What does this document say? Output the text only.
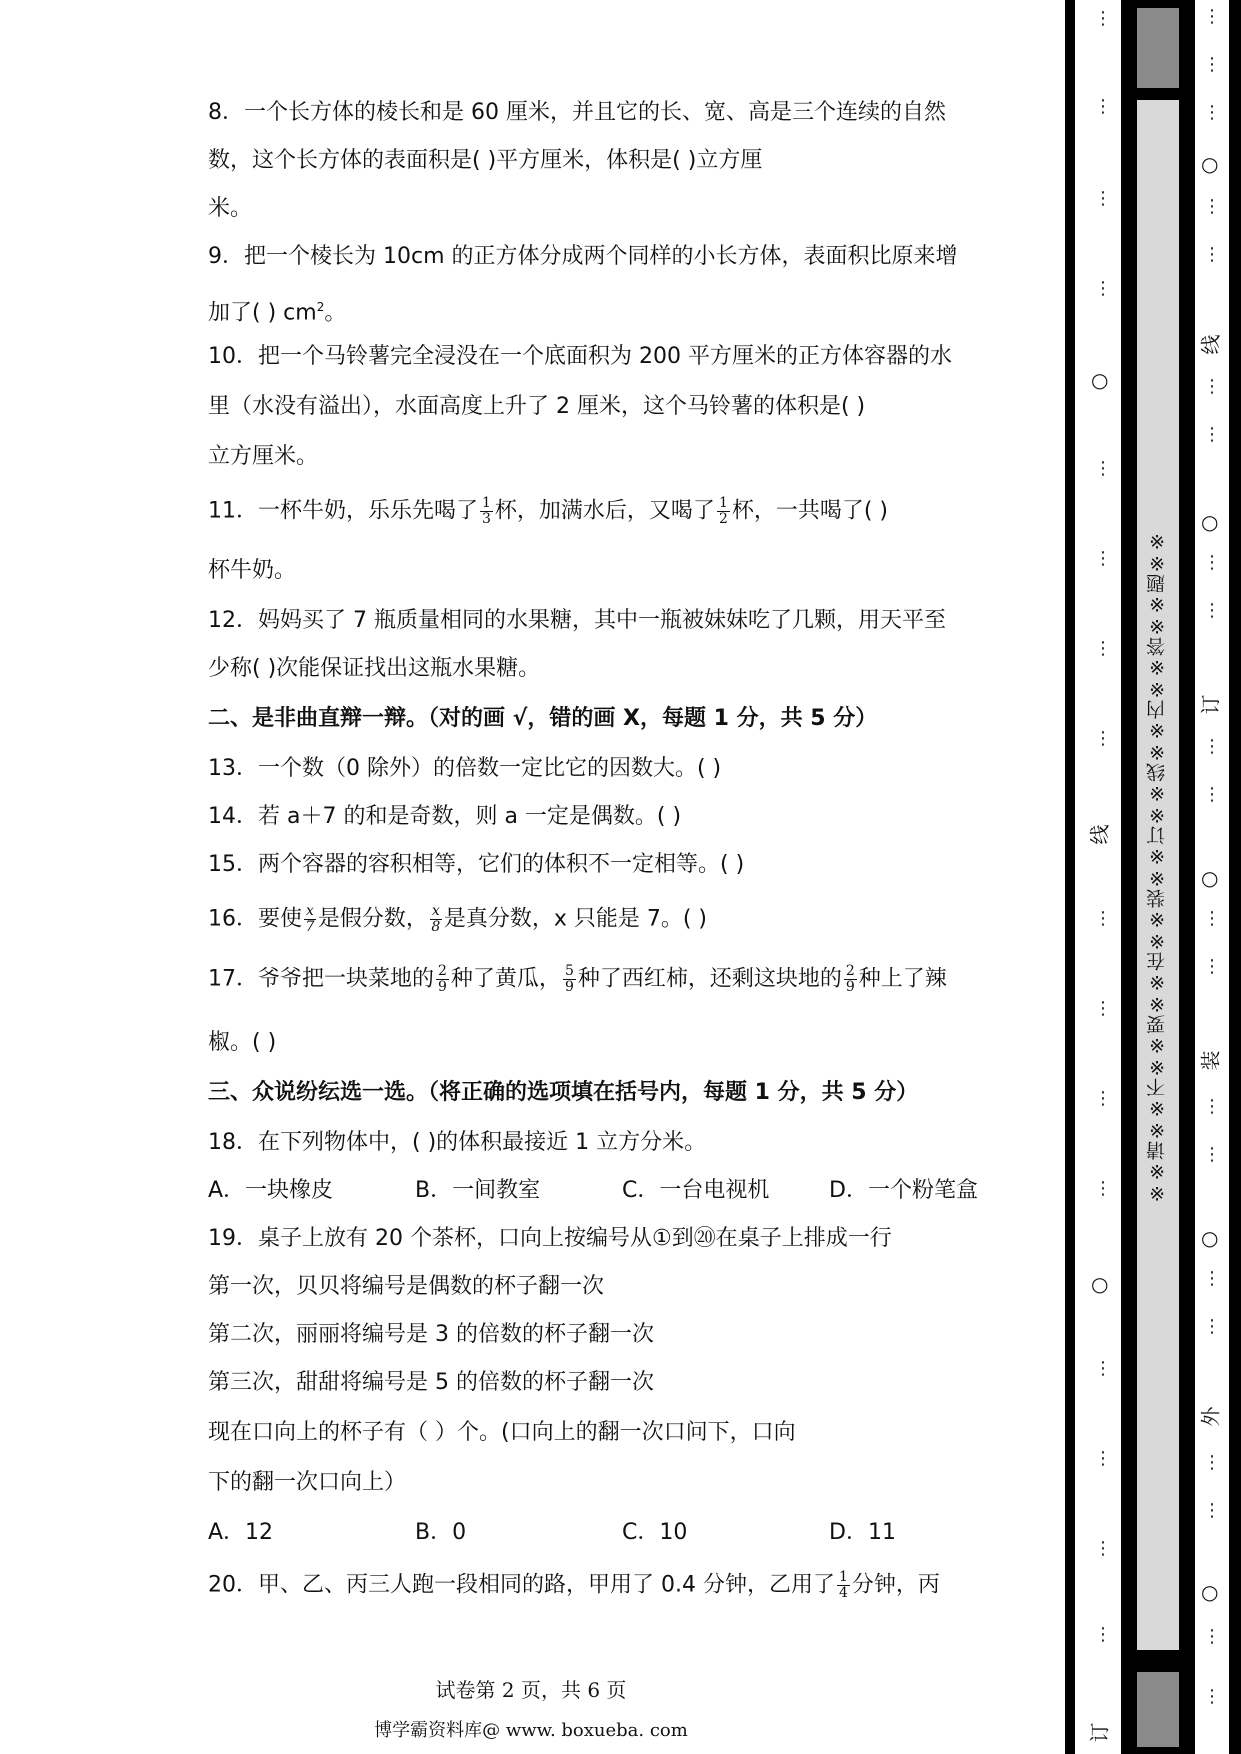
8．一个长方体的棱长和是 60 厘米，并且它的长、宽、高是三个连续的自然
数，这个长方体的表面积是( )平方厘米，体积是( )立方厘
米。
9．把一个棱长为 10cm 的正方体分成两个同样的小长方体，表面积比原来增
加了( ) $cm^2$。
10．把一个马铃薯完全浸没在一个底面积为 200 平方厘米的正方体容器的水
里（水没有溢出），水面高度上升了 2 厘米，这个马铃薯的体积是( )
立方厘米。
11．一杯牛奶，乐乐先喝了 $\frac{1}{3}$ 杯，加满水后，又喝了 $\frac{1}{2}$ 杯，一共喝了( )
杯牛奶。
12．妈妈买了 7 瓶质量相同的水果糖，其中一瓶被妹妹吃了几颗，用天平至
少称( )次能保证找出这瓶水果糖。
二、是非曲直辩一辩。（对的画 √，错的画 X，每题 1 分，共 5 分）
13．一个数（0 除外）的倍数一定比它的因数大。( )
14．若 a＋7 的和是奇数，则 a 一定是偶数。( )
15．两个容器的容积相等，它们的体积不一定相等。( )
16．要使 $\frac{x}{7}$ 是假分数， $\frac{x}{8}$ 是真分数，x 只能是 7。( )
17．爷爷把一块菜地的 $\frac{2}{9}$ 种了黄瓜， $\frac{5}{9}$ 种了西红柿，还剩这块地的 $\frac{2}{9}$ 种上了辣
椒。( )
三、众说纷纭选一选。（将正确的选项填在括号内，每题 1 分，共 5 分）
18．在下列物体中，( )的体积最接近 1 立方分米。
A．一块橡皮	B．一间教室	C．一台电视机	D．一个粉笔盒
19．桌子上放有 20 个茶杯，口向上按编号从①到⑳在桌子上排成一行
第一次，贝贝将编号是偶数的杯子翻一次
第二次，丽丽将编号是 3 的倍数的杯子翻一次
第三次，甜甜将编号是 5 的倍数的杯子翻一次
现在口向上的杯子有（ ）个。(口向上的翻一次口问下，口向
下的翻一次口向上）
A．12	B．0	C．10	D．11
20．甲、乙、丙三人跑一段相同的路，甲用了 0.4 分钟，乙用了 $\frac{1}{4}$ 分钟，丙
试卷第 2 页，共 6 页
博学霸资料库@ www. boxueba. com
※※请※※不※※要※※在※※装※※订※※线※※内※※答※※题※※
⋮
⋮
⋮
⋮
○
⋮
⋮
⋮
⋮
线
⋮
⋮
⋮
⋮
○
⋮
⋮
⋮
⋮
订
⋮
⋮
⋮
○
⋮
⋮
线
⋮
⋮
○
⋮
⋮
订
⋮
⋮
○
⋮
⋮
装
⋮
⋮
○
⋮
⋮
外
⋮
⋮
○
⋮
⋮
